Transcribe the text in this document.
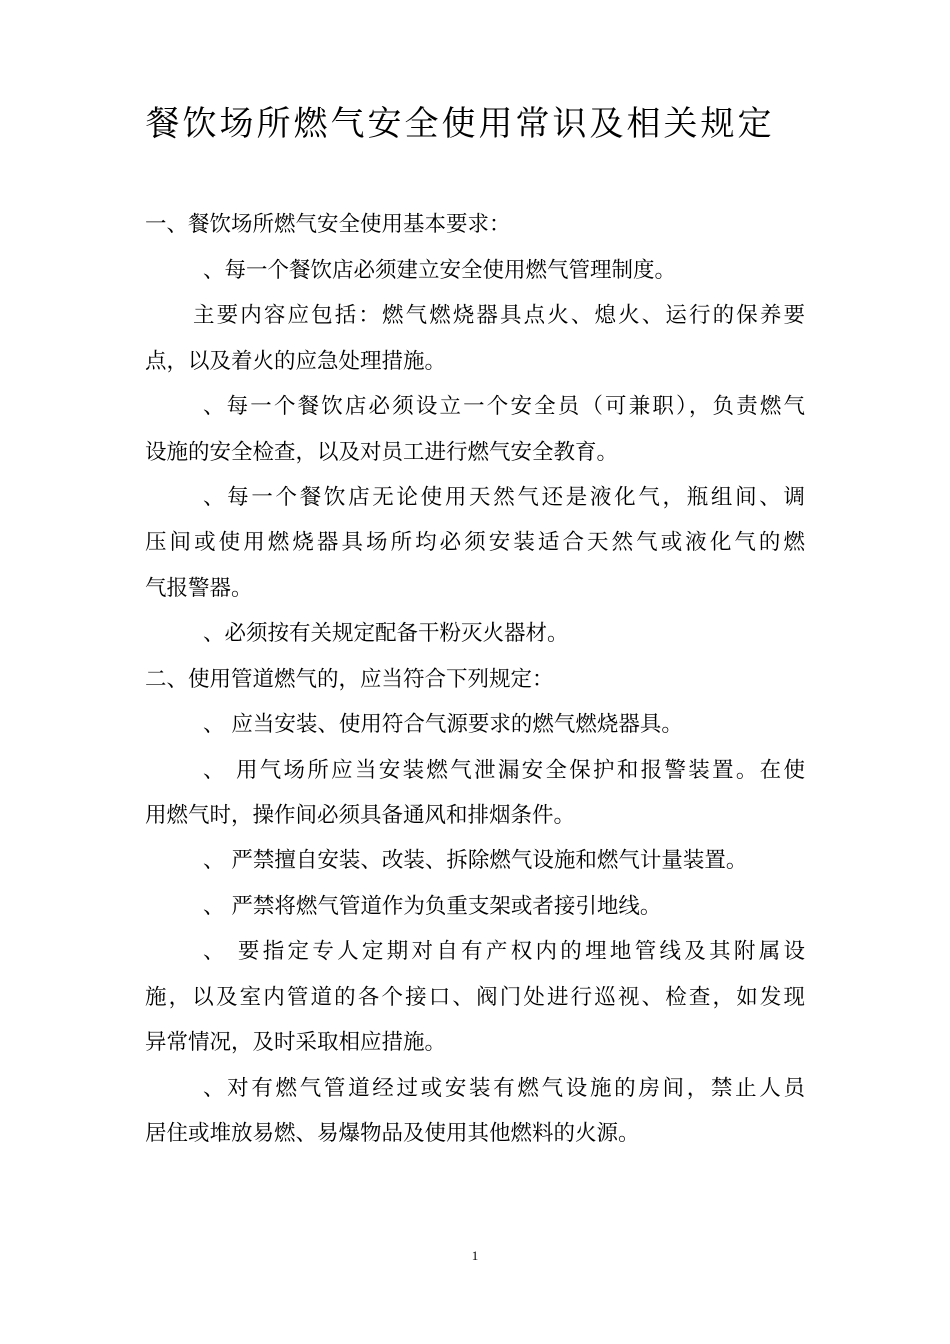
餐饮场所燃气安全使用常识及相关规定
一、餐饮场所燃气安全使用基本要求：
、每一个餐饮店必须建立安全使用燃气管理制度。
主要内容应包括：燃气燃烧器具点火、熄火、运行的保养要
点，以及着火的应急处理措施。
、每一个餐饮店必须设立一个安全员（可兼职），负责燃气
设施的安全检查，以及对员工进行燃气安全教育。
、每一个餐饮店无论使用天然气还是液化气，瓶组间、调
压间或使用燃烧器具场所均必须安装适合天然气或液化气的燃
气报警器。
、必须按有关规定配备干粉灭火器材。
二、使用管道燃气的，应当符合下列规定：
、 应当安装、使用符合气源要求的燃气燃烧器具。
、 用气场所应当安装燃气泄漏安全保护和报警装置。在使
用燃气时，操作间必须具备通风和排烟条件。
、 严禁擅自安装、改装、拆除燃气设施和燃气计量装置。
、 严禁将燃气管道作为负重支架或者接引地线。
、 要指定专人定期对自有产权内的埋地管线及其附属设
施，以及室内管道的各个接口、阀门处进行巡视、检查，如发现
异常情况，及时采取相应措施。
、对有燃气管道经过或安装有燃气设施的房间，禁止人员
居住或堆放易燃、易爆物品及使用其他燃料的火源。
1
